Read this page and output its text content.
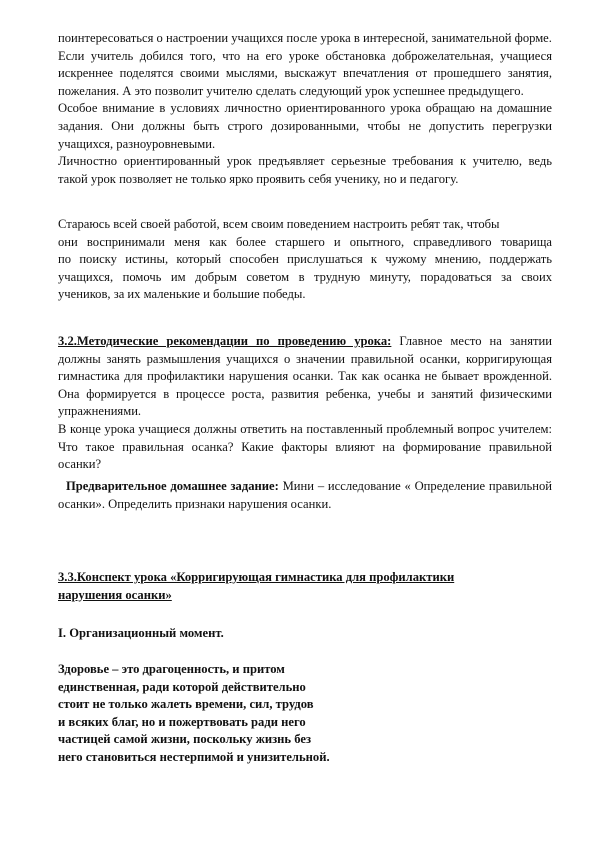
поинтересоваться о настроении учащихся после урока в интересной, занимательной форме.

Если учитель добился того, что на его уроке обстановка доброжелательная, учащиеся искреннее поделятся своими мыслями, выскажут впечатления от прошедшего занятия, пожелания. А это позволит учителю сделать следующий урок успешнее предыдущего.

Особое внимание в условиях личностно ориентированного урока обращаю на домашние задания. Они должны быть строго дозированными, чтобы не допустить перегрузки учащихся, разноуровневыми.

Личностно ориентированный урок предъявляет серьезные требования к учителю, ведь такой урок позволяет не только ярко проявить себя ученику, но и педагогу.

Стараюсь всей своей работой, всем своим поведением настроить ребят так, чтобы
они воспринимали меня как более старшего и опытного, справедливого товарища
по поиску истины, который способен прислушаться к чужому мнению, поддержать
учащихся, помочь им добрым советом в трудную минуту, порадоваться за своих
учеников, за их маленькие и большие победы.

3.2.Методические рекомендации по проведению урока: Главное место на занятии должны занять размышления учащихся о значении правильной осанки, корригирующая гимнастика для профилактики нарушения осанки. Так как осанка не бывает врожденной. Она формируется в процессе роста, развития ребенка, учебы и занятий физическими упражнениями.

В конце урока учащиеся должны ответить на поставленный проблемный вопрос учителем: Что такое правильная осанка? Какие факторы влияют на формирование правильной осанки?

Предварительное домашнее задание: Мини – исследование « Определение правильной осанки». Определить признаки нарушения осанки.

3.3.Конспект урока «Корригирующая гимнастика для профилактики
нарушения осанки»
I. Организационный момент.
Здоровье – это драгоценность, и притом
единственная, ради которой действительно
стоит не только жалеть времени, сил, трудов
и всяких благ, но и пожертвовать ради него
частицей самой жизни, поскольку жизнь без
него становиться нестерпимой и унизительной.
